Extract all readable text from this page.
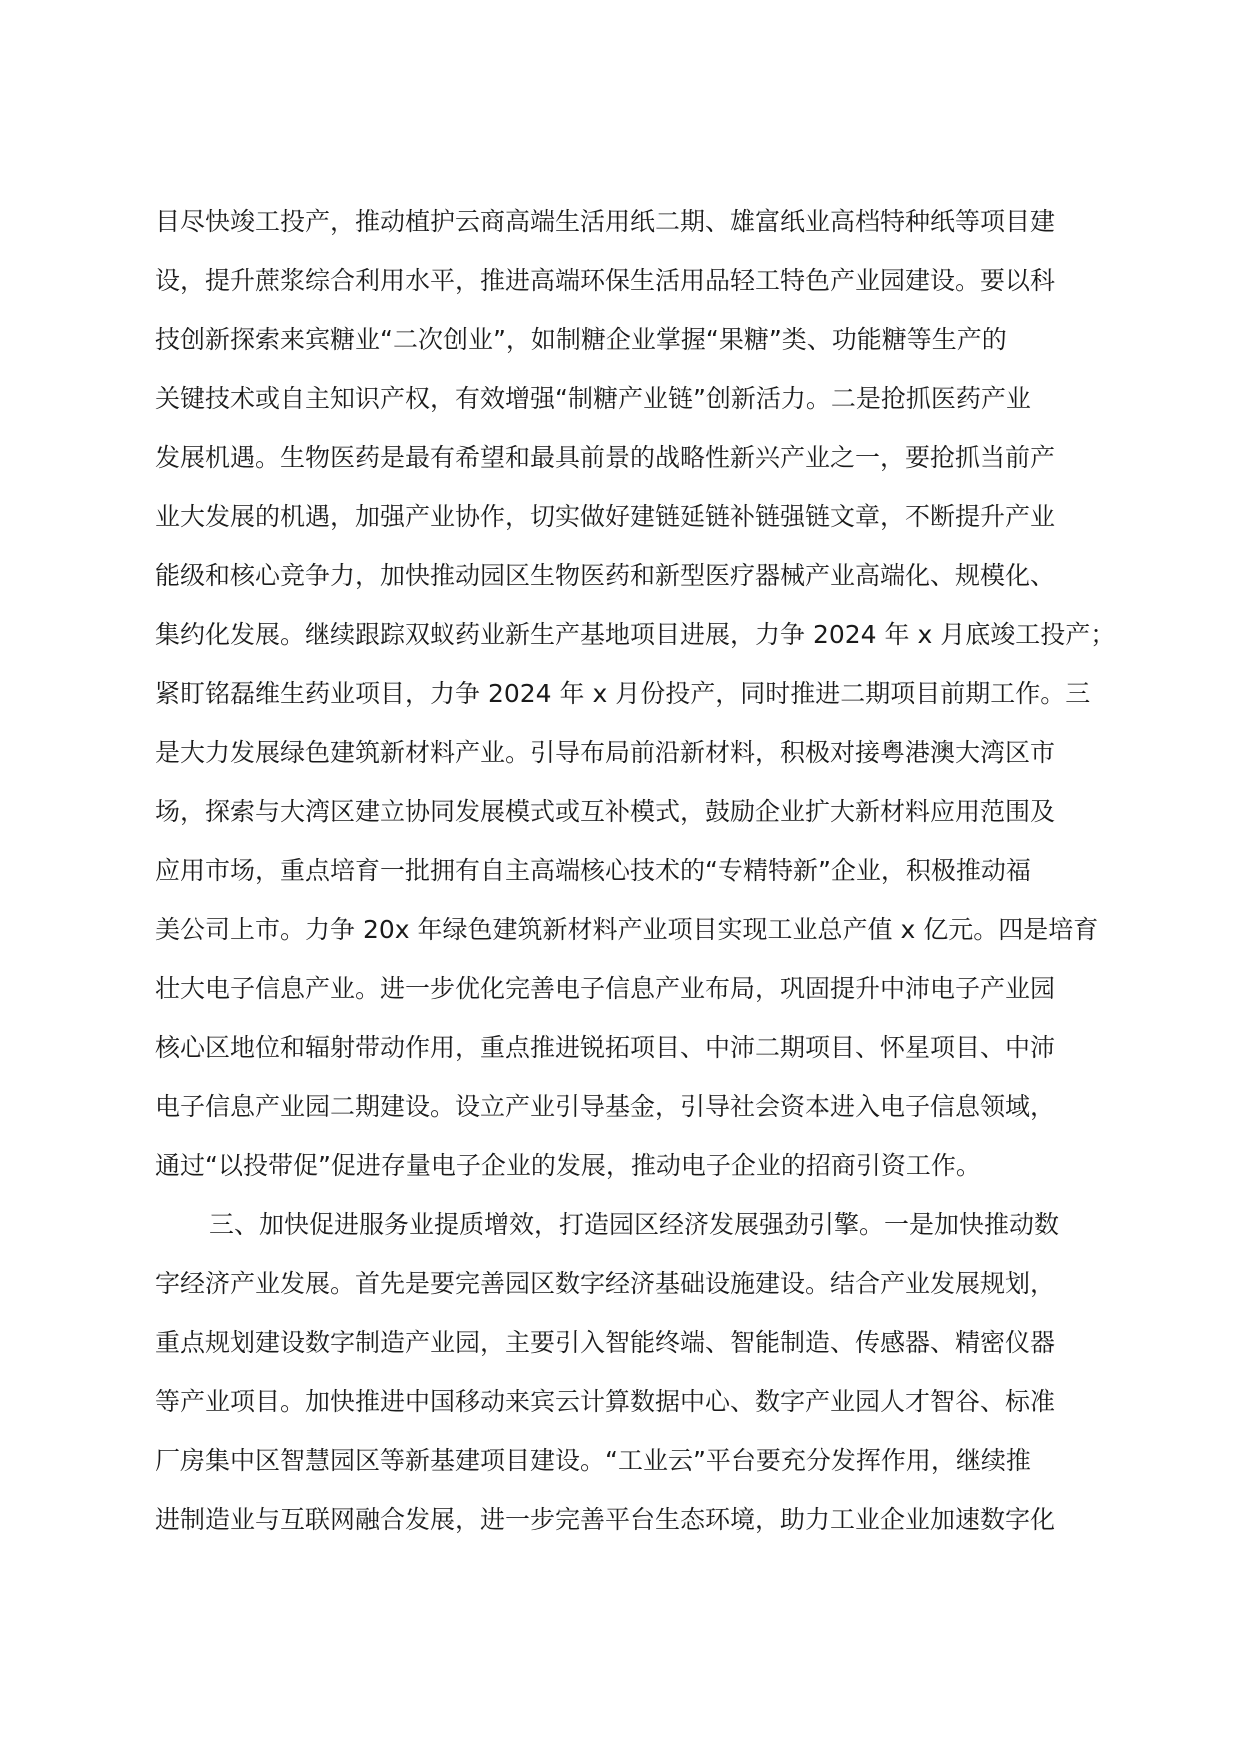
目尽快竣工投产，推动植护云商高端生活用纸二期、雄富纸业高档特种纸等项目建
设，提升蔗浆综合利用水平，推进高端环保生活用品轻工特色产业园建设。要以科
技创新探索来宾糖业“二次创业”，如制糖企业掌握“果糖”类、功能糖等生产的
关键技术或自主知识产权，有效增强“制糖产业链”创新活力。二是抢抓医药产业
发展机遇。生物医药是最有希望和最具前景的战略性新兴产业之一，要抢抓当前产
业大发展的机遇，加强产业协作，切实做好建链延链补链强链文章，不断提升产业
能级和核心竞争力，加快推动园区生物医药和新型医疗器械产业高端化、规模化、
集约化发展。继续跟踪双蚁药业新生产基地项目进展，力争 2024 年 x 月底竣工投产；
紧盯铭磊维生药业项目，力争 2024 年 x 月份投产，同时推进二期项目前期工作。三
是大力发展绿色建筑新材料产业。引导布局前沿新材料，积极对接粤港澳大湾区市
场，探索与大湾区建立协同发展模式或互补模式，鼓励企业扩大新材料应用范围及
应用市场，重点培育一批拥有自主高端核心技术的“专精特新”企业，积极推动福
美公司上市。力争 20x 年绿色建筑新材料产业项目实现工业总产值 x 亿元。四是培育
壮大电子信息产业。进一步优化完善电子信息产业布局，巩固提升中沛电子产业园
核心区地位和辐射带动作用，重点推进锐拓项目、中沛二期项目、怀星项目、中沛
电子信息产业园二期建设。设立产业引导基金，引导社会资本进入电子信息领域，
通过“以投带促”促进存量电子企业的发展，推动电子企业的招商引资工作。
三、加快促进服务业提质增效，打造园区经济发展强劲引擎。一是加快推动数
字经济产业发展。首先是要完善园区数字经济基础设施建设。结合产业发展规划，
重点规划建设数字制造产业园，主要引入智能终端、智能制造、传感器、精密仪器
等产业项目。加快推进中国移动来宾云计算数据中心、数字产业园人才智谷、标准
厂房集中区智慧园区等新基建项目建设。“工业云”平台要充分发挥作用，继续推
进制造业与互联网融合发展，进一步完善平台生态环境，助力工业企业加速数字化
